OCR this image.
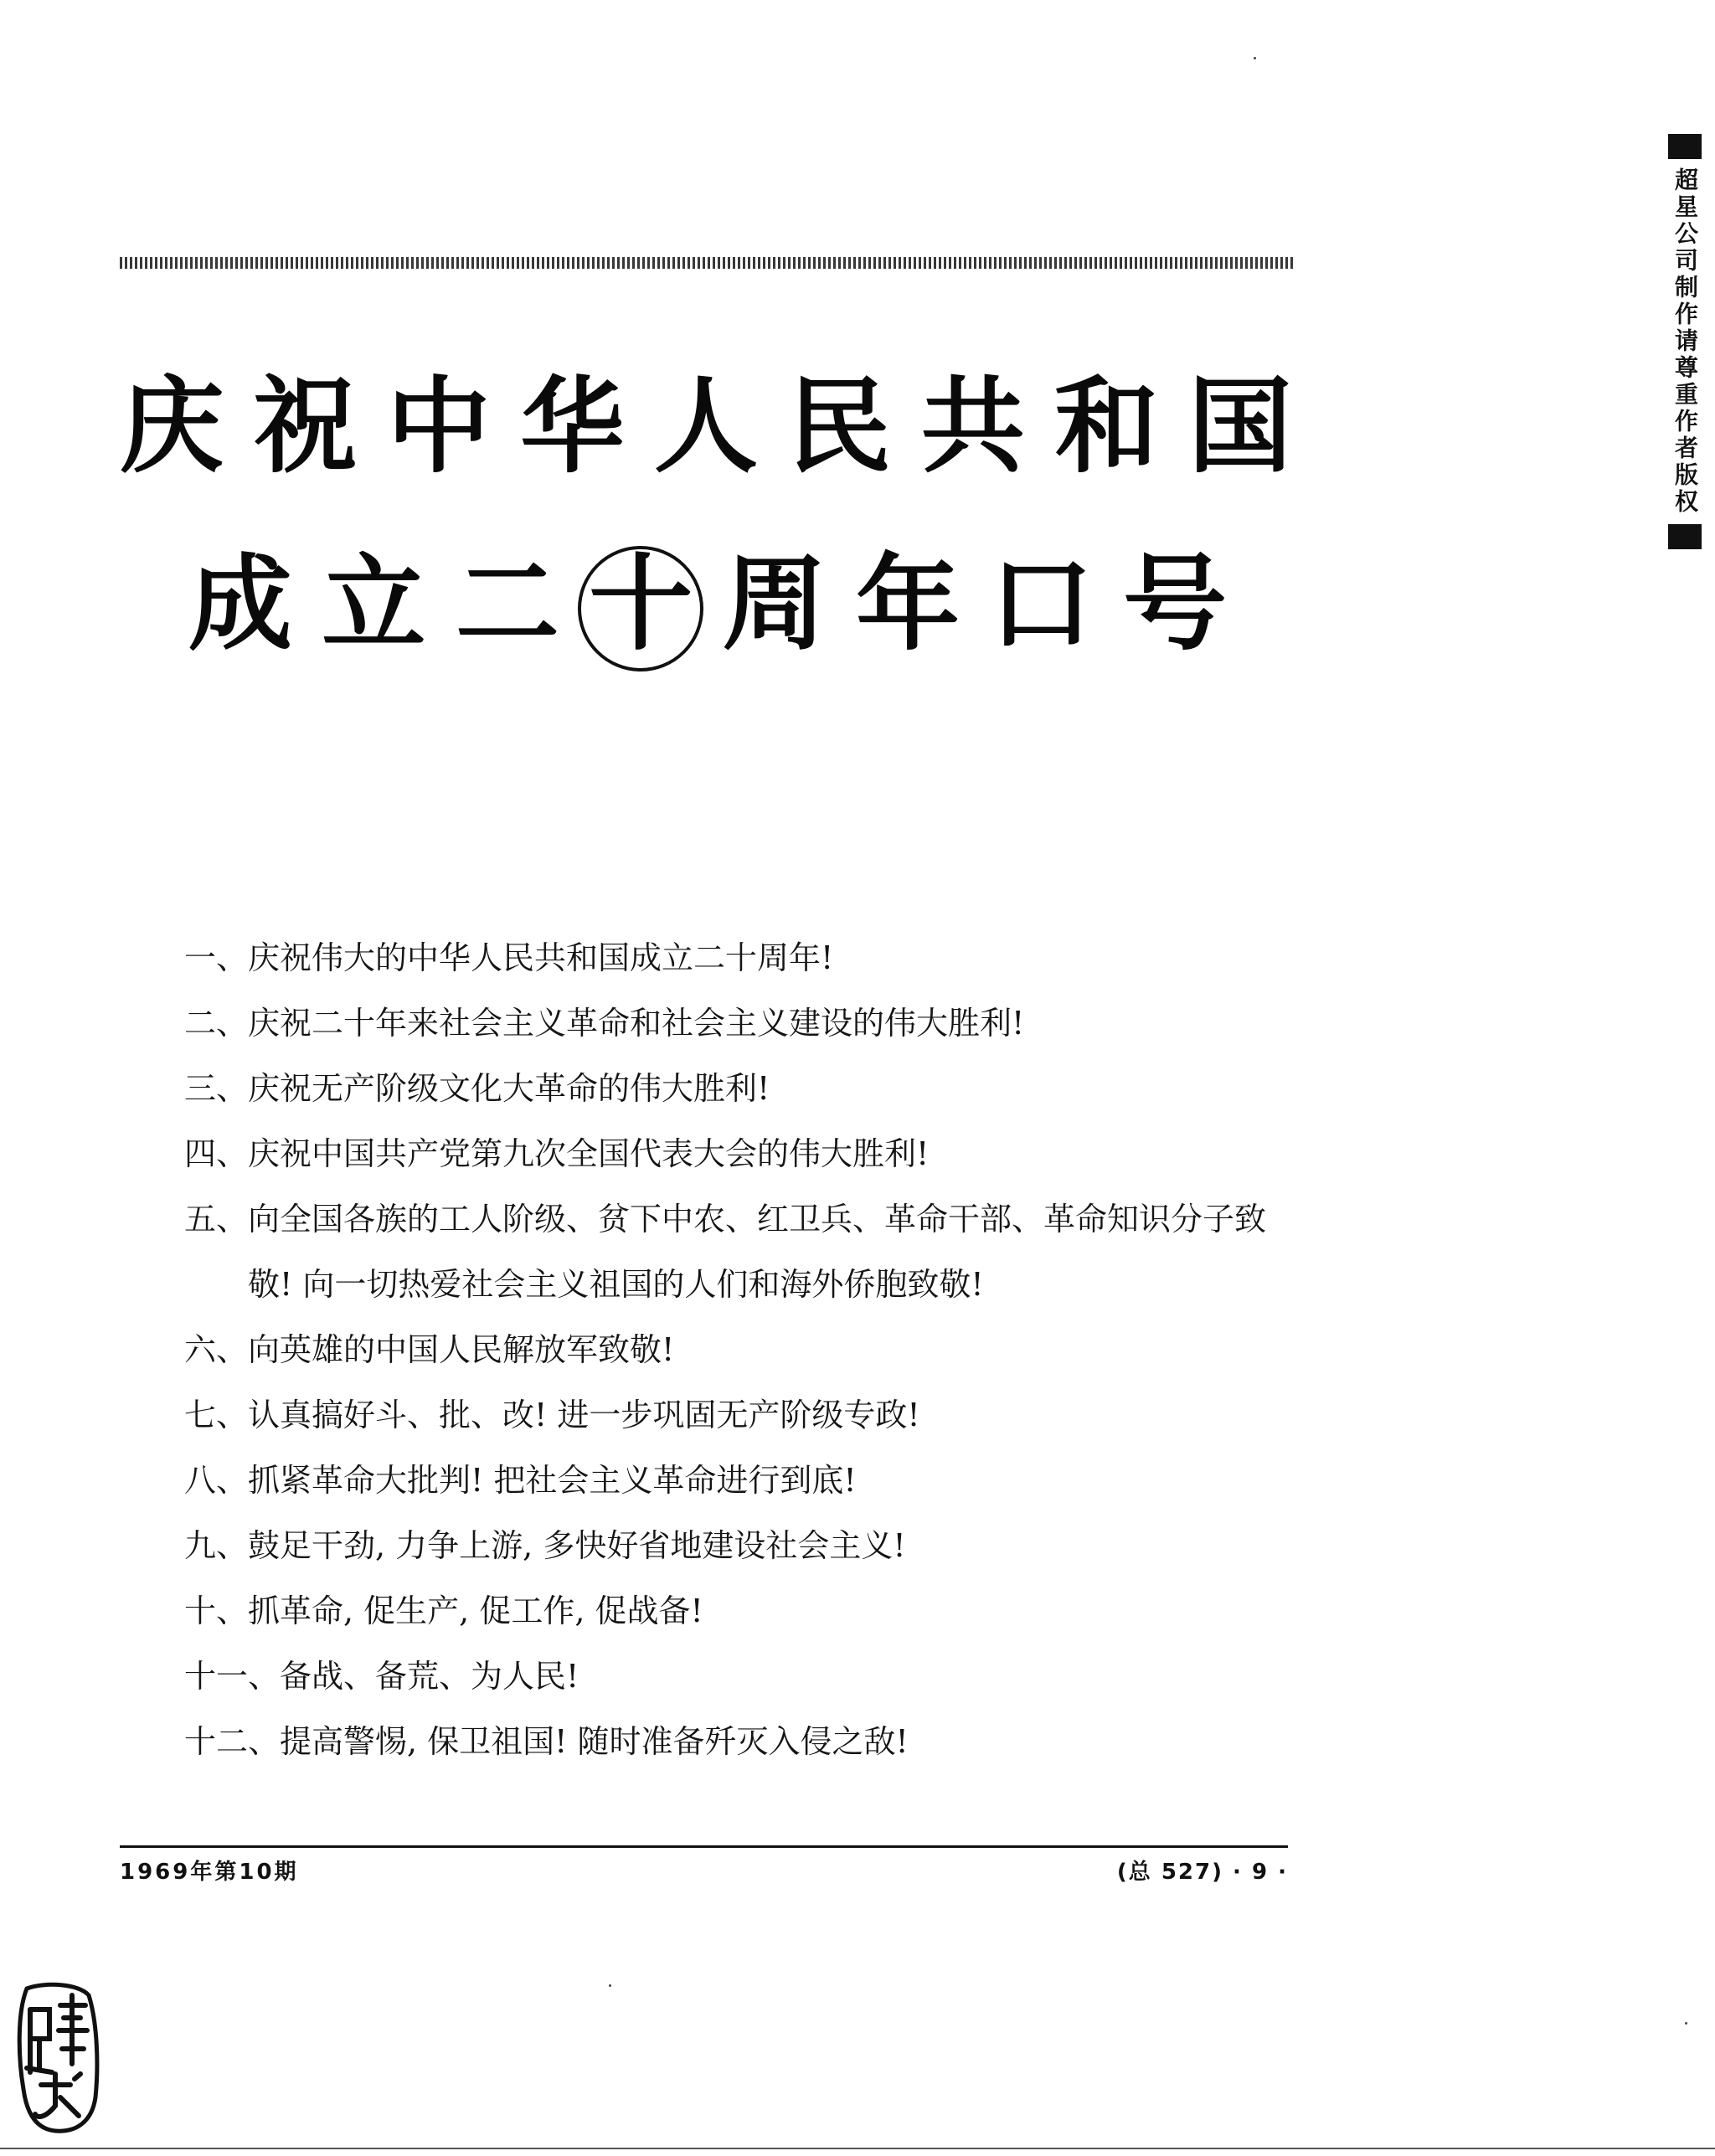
庆 祝 中 华 人 民 共 和 国
成 立 二 十 周 年 口 号
一、 庆祝伟大的中华人民共和国成立二十周年!
二、 庆祝二十年来社会主义革命和社会主义建设的伟大胜利!
三、 庆祝无产阶级文化大革命的伟大胜利!
四、 庆祝中国共产党第九次全国代表大会的伟大胜利!
五、 向全国各族的工人阶级、贫下中农、红卫兵、革命干部、革命知识分子致敬! 向一切热爱社会主义祖国的人们和海外侨胞致敬!
六、 向英雄的中国人民解放军致敬!
七、 认真搞好斗、批、改! 进一步巩固无产阶级专政!
八、 抓紧革命大批判! 把社会主义革命进行到底!
九、 鼓足干劲, 力争上游, 多快好省地建设社会主义!
十、 抓革命, 促生产, 促工作, 促战备!
十一、 备战、备荒、为人民!
十二、 提高警惕, 保卫祖国! 随时准备歼灭入侵之敌!
1969年第10期	(总 527) · 9 ·
超星公司制作请尊重作者版权
